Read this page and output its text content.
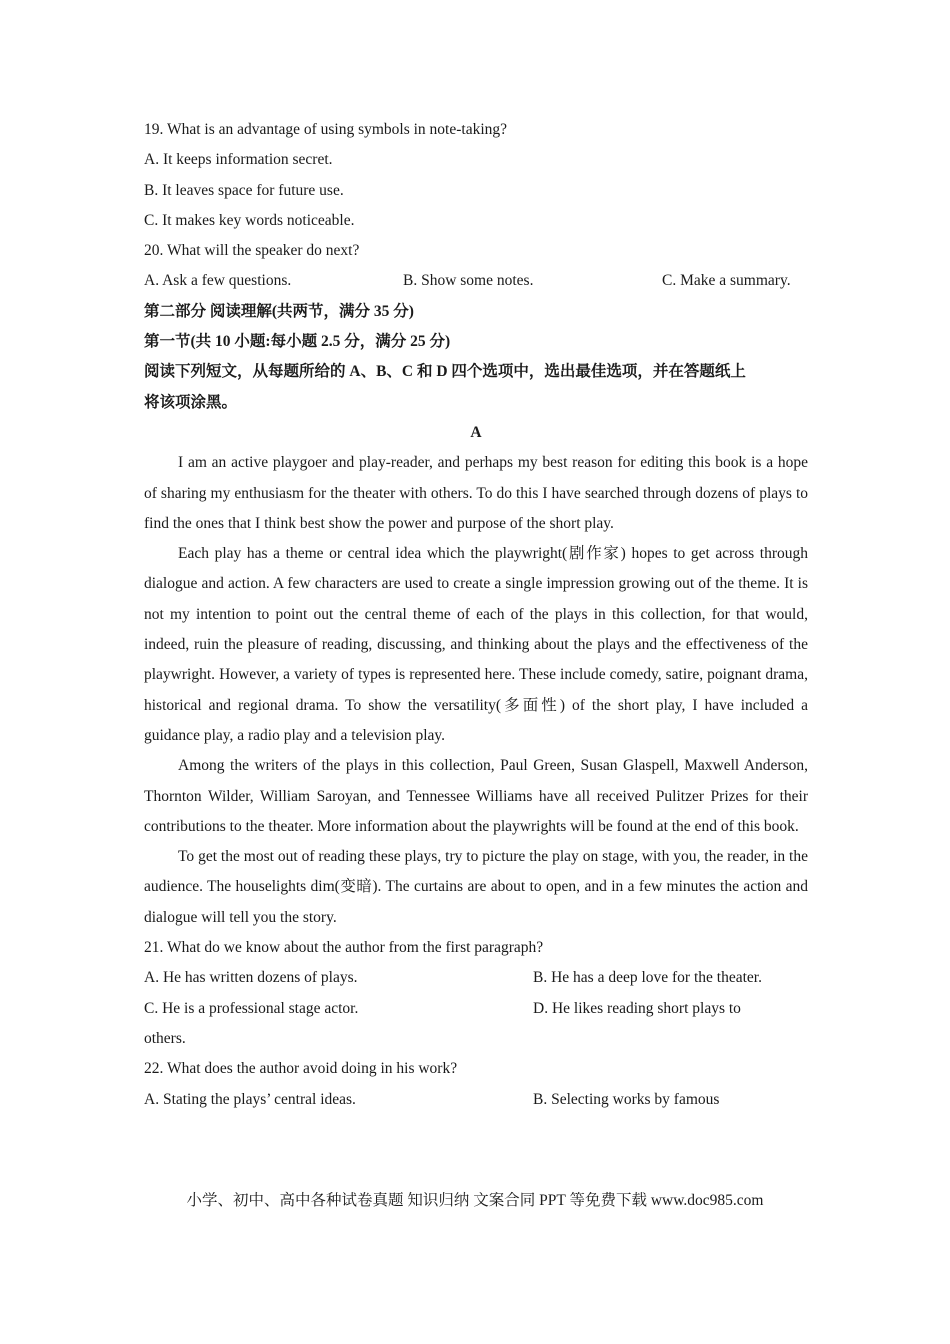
19. What is an advantage of using symbols in note-taking?
A. It keeps information secret.
B. It leaves space for future use.
C. It makes key words noticeable.
20. What will the speaker do next?
A. Ask a few questions.	B. Show some notes.	C. Make a summary.
第二部分 阅读理解(共两节，满分 35 分)
第一节(共 10 小题:每小题 2.5 分，满分 25 分)
阅读下列短文，从每题所给的 A、B、C 和 D 四个选项中，选出最佳选项，并在答题纸上
将该项涂黑。
A
I am an active playgoer and play-reader, and perhaps my best reason for editing this book is a hope of sharing my enthusiasm for the theater with others. To do this I have searched through dozens of plays to find the ones that I think best show the power and purpose of the short play.
Each play has a theme or central idea which the playwright(剧作家) hopes to get across through dialogue and action. A few characters are used to create a single impression growing out of the theme. It is not my intention to point out the central theme of each of the plays in this collection, for that would, indeed, ruin the pleasure of reading, discussing, and thinking about the plays and the effectiveness of the playwright. However, a variety of types is represented here. These include comedy, satire, poignant drama, historical and regional drama. To show the versatility(多面性) of the short play, I have included a guidance play, a radio play and a television play.
Among the writers of the plays in this collection, Paul Green, Susan Glaspell, Maxwell Anderson, Thornton Wilder, William Saroyan, and Tennessee Williams have all received Pulitzer Prizes for their contributions to the theater. More information about the playwrights will be found at the end of this book.
To get the most out of reading these plays, try to picture the play on stage, with you, the reader, in the audience. The houselights dim(变暗). The curtains are about to open, and in a few minutes the action and dialogue will tell you the story.
21. What do we know about the author from the first paragraph?
A. He has written dozens of plays.	B. He has a deep love for the theater.
C. He is a professional stage actor.	D. He likes reading short plays to
others.
22. What does the author avoid doing in his work?
A. Stating the plays’ central ideas.	B. Selecting works by famous
小学、初中、高中各种试卷真题 知识归纳 文案合同 PPT 等免费下载 www.doc985.com
